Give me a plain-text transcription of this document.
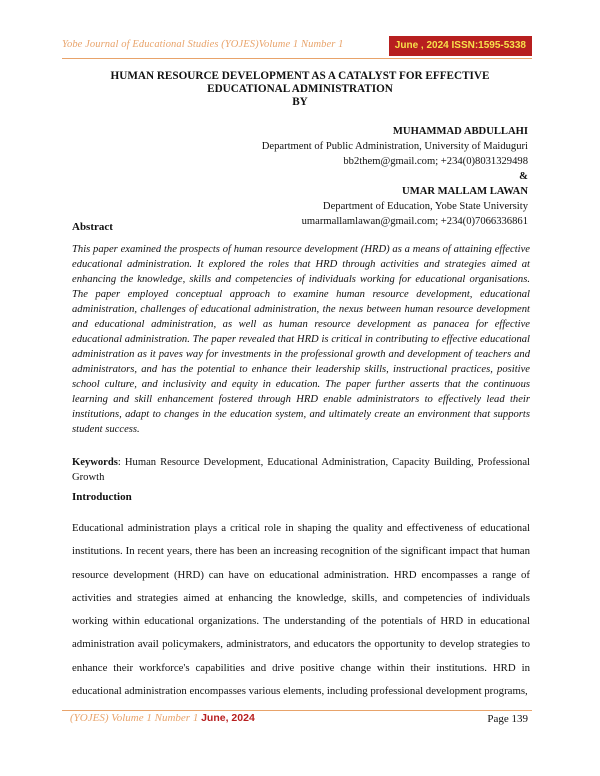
Yobe Journal of Educational Studies (YOJES)Volume 1 Number 1	June , 2024 ISSN:1595-5338
HUMAN RESOURCE DEVELOPMENT AS A CATALYST FOR EFFECTIVE
EDUCATIONAL ADMINISTRATION
BY
MUHAMMAD ABDULLAHI
Department of Public Administration, University of Maiduguri
bb2them@gmail.com; +234(0)8031329498
&
UMAR MALLAM LAWAN
Department of Education, Yobe State University
umarmallamlawan@gmail.com; +234(0)7066336861
Abstract
This paper examined the prospects of human resource development (HRD) as a means of attaining effective educational administration. It explored the roles that HRD through activities and strategies aimed at enhancing the knowledge, skills and competencies of individuals working for educational organisations. The paper employed conceptual approach to examine human resource development, educational administration, challenges of educational administration, the nexus between human resource development and educational administration, as well as human resource development as panacea for effective educational administration. The paper revealed that HRD is critical in contributing to effective educational administration as it paves way for investments in the professional growth and development of teachers and administrators, and has the potential to enhance their leadership skills, instructional practices, positive school culture, and inclusivity and equity in education. The paper further asserts that the continuous learning and skill enhancement fostered through HRD enable administrators to effectively lead their institutions, adapt to changes in the education system, and ultimately create an environment that supports student success.
Keywords: Human Resource Development, Educational Administration, Capacity Building, Professional Growth
Introduction
Educational administration plays a critical role in shaping the quality and effectiveness of educational institutions. In recent years, there has been an increasing recognition of the significant impact that human resource development (HRD) can have on educational administration. HRD encompasses a range of activities and strategies aimed at enhancing the knowledge, skills, and competencies of individuals working within educational organizations. The understanding of the potentials of HRD in educational administration avail policymakers, administrators, and educators the opportunity to develop strategies to enhance their workforce's capabilities and drive positive change within their institutions. HRD in educational administration encompasses various elements, including professional development programs,
(YOJES) Volume 1 Number 1 June, 2024	Page 139
